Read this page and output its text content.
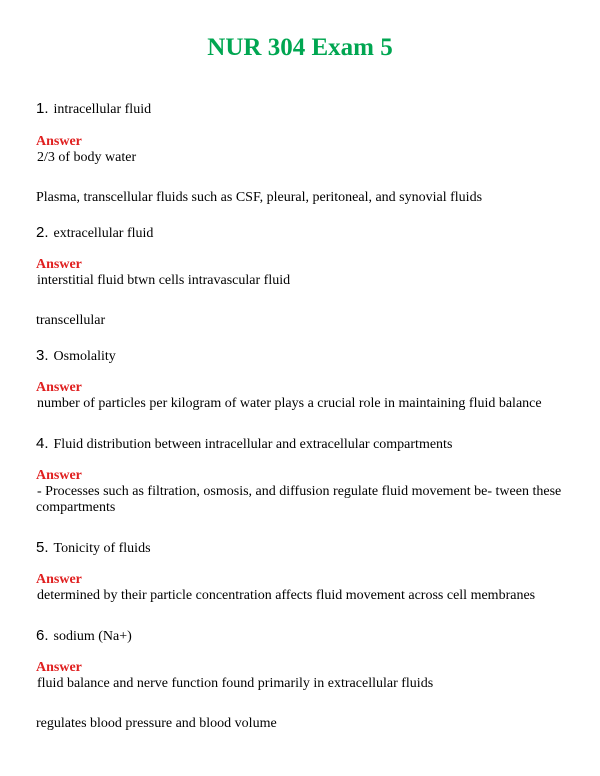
NUR 304 Exam 5
1. intracellular fluid
Answer
2/3 of body water
Plasma, transcellular fluids such as CSF, pleural, peritoneal, and synovial fluids
2. extracellular fluid
Answer
interstitial fluid btwn cells intravascular fluid
transcellular
3. Osmolality
Answer
number of particles per kilogram of water plays a crucial role in maintaining fluid balance
4. Fluid distribution between intracellular and extracellular compartments
Answer
- Processes such as filtration, osmosis, and diffusion regulate fluid movement be- tween these
compartments
5. Tonicity of fluids
Answer
determined by their particle concentration affects fluid movement across cell membranes
6. sodium (Na+)
Answer
fluid balance and nerve function found primarily in extracellular fluids
regulates blood pressure and blood volume
